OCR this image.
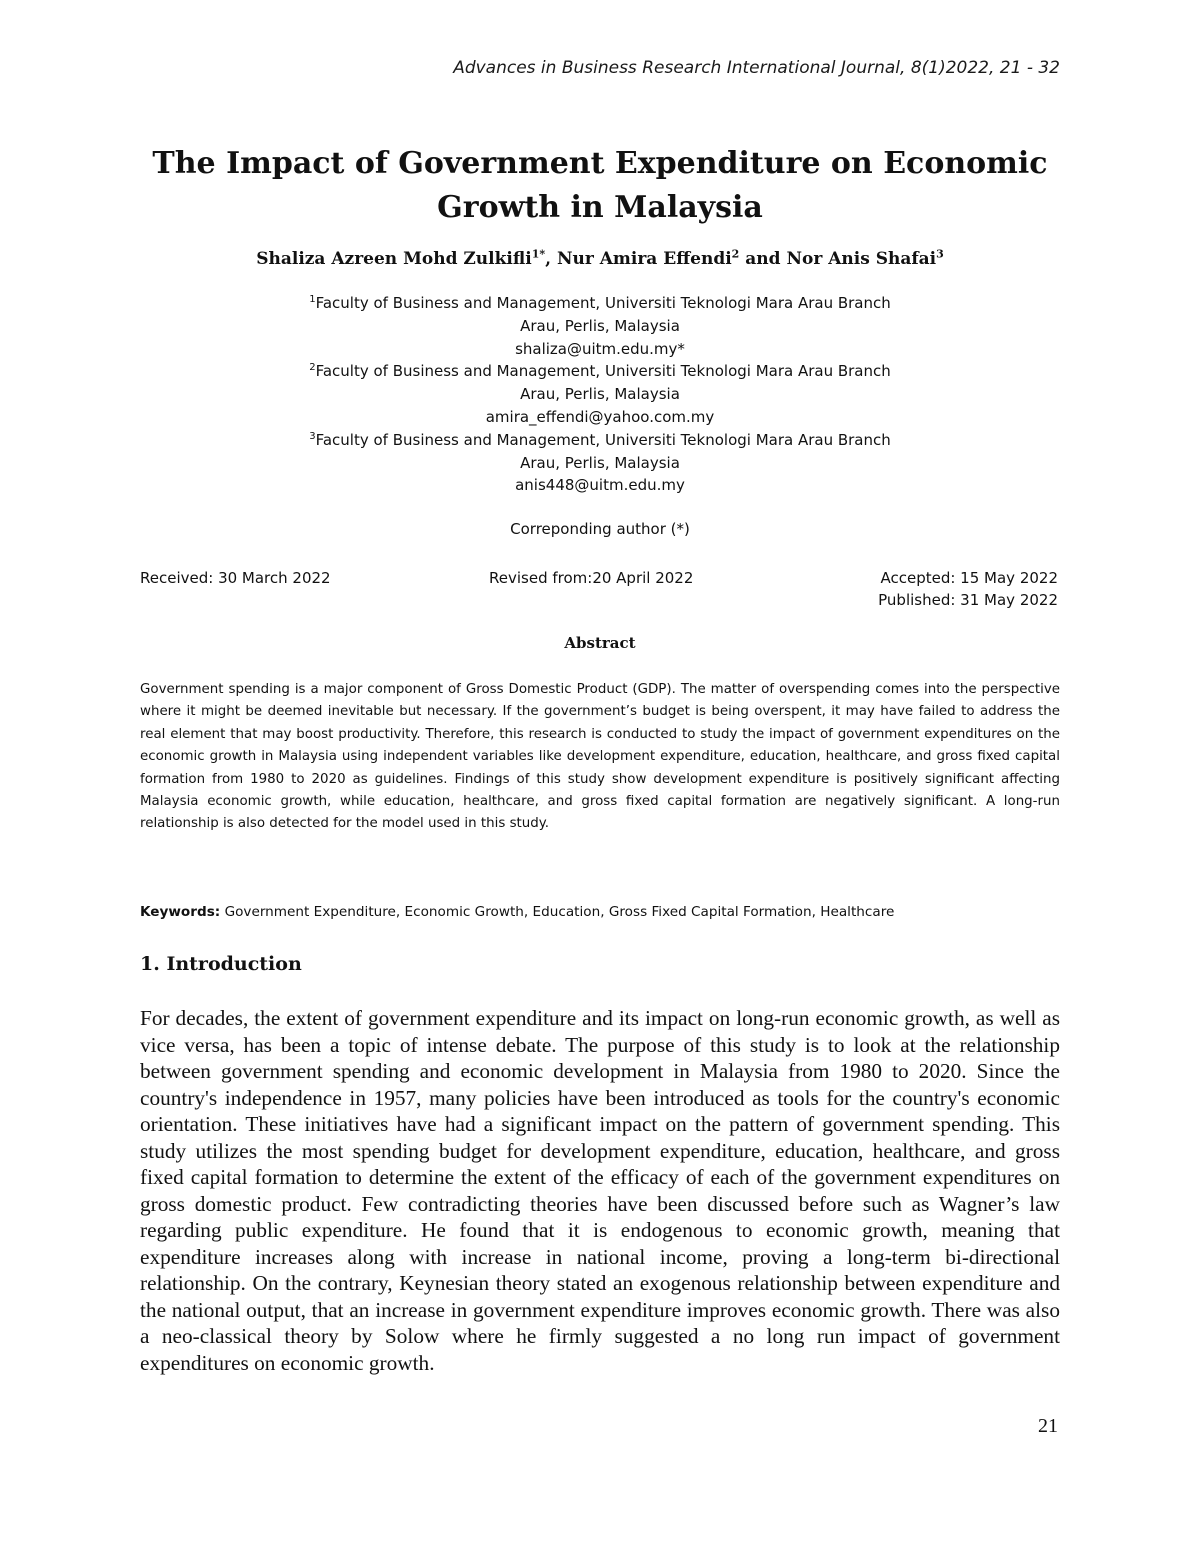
Advances in Business Research International Journal, 8(1)2022, 21 - 32
The Impact of Government Expenditure on Economic
Growth in Malaysia
Shaliza Azreen Mohd Zulkifli$^{1*}$, Nur Amira Effendi$^2$ and Nor Anis Shafai$^3$
$^1$Faculty of Business and Management, Universiti Teknologi Mara Arau Branch
Arau, Perlis, Malaysia
shaliza@uitm.edu.my*
$^2$Faculty of Business and Management, Universiti Teknologi Mara Arau Branch
Arau, Perlis, Malaysia
amira_effendi@yahoo.com.my
$^3$Faculty of Business and Management, Universiti Teknologi Mara Arau Branch
Arau, Perlis, Malaysia
anis448@uitm.edu.my
Correponding author (*)
Received: 30 March 2022	Revised from:20 April 2022	Accepted: 15 May 2022
Published: 31 May 2022
Abstract

Government spending is a major component of Gross Domestic Product (GDP). The matter of overspending comes into the perspective where it might be deemed inevitable but necessary. If the government’s budget is being overspent, it may have failed to address the real element that may boost productivity. Therefore, this research is conducted to study the impact of government expenditures on the economic growth in Malaysia using independent variables like development expenditure, education, healthcare, and gross fixed capital formation from 1980 to 2020 as guidelines. Findings of this study show development expenditure is positively significant affecting Malaysia economic growth, while education, healthcare, and gross fixed capital formation are negatively significant. A long-run relationship is also detected for the model used in this study.

Keywords: Government Expenditure, Economic Growth, Education, Gross Fixed Capital Formation, Healthcare
1. Introduction

For decades, the extent of government expenditure and its impact on long-run economic growth, as well as vice versa, has been a topic of intense debate. The purpose of this study is to look at the relationship between government spending and economic development in Malaysia from 1980 to 2020. Since the country's independence in 1957, many policies have been introduced as tools for the country's economic orientation. These initiatives have had a significant impact on the pattern of government spending. This study utilizes the most spending budget for development expenditure, education, healthcare, and gross fixed capital formation to determine the extent of the efficacy of each of the government expenditures on gross domestic product. Few contradicting theories have been discussed before such as Wagner’s law regarding public expenditure. He found that it is endogenous to economic growth, meaning that expenditure increases along with increase in national income, proving a long-term bi-directional relationship. On the contrary, Keynesian theory stated an exogenous relationship between expenditure and the national output, that an increase in government expenditure improves economic growth. There was also a neo-classical theory by Solow where he firmly suggested a no long run impact of government expenditures on economic growth.

21
